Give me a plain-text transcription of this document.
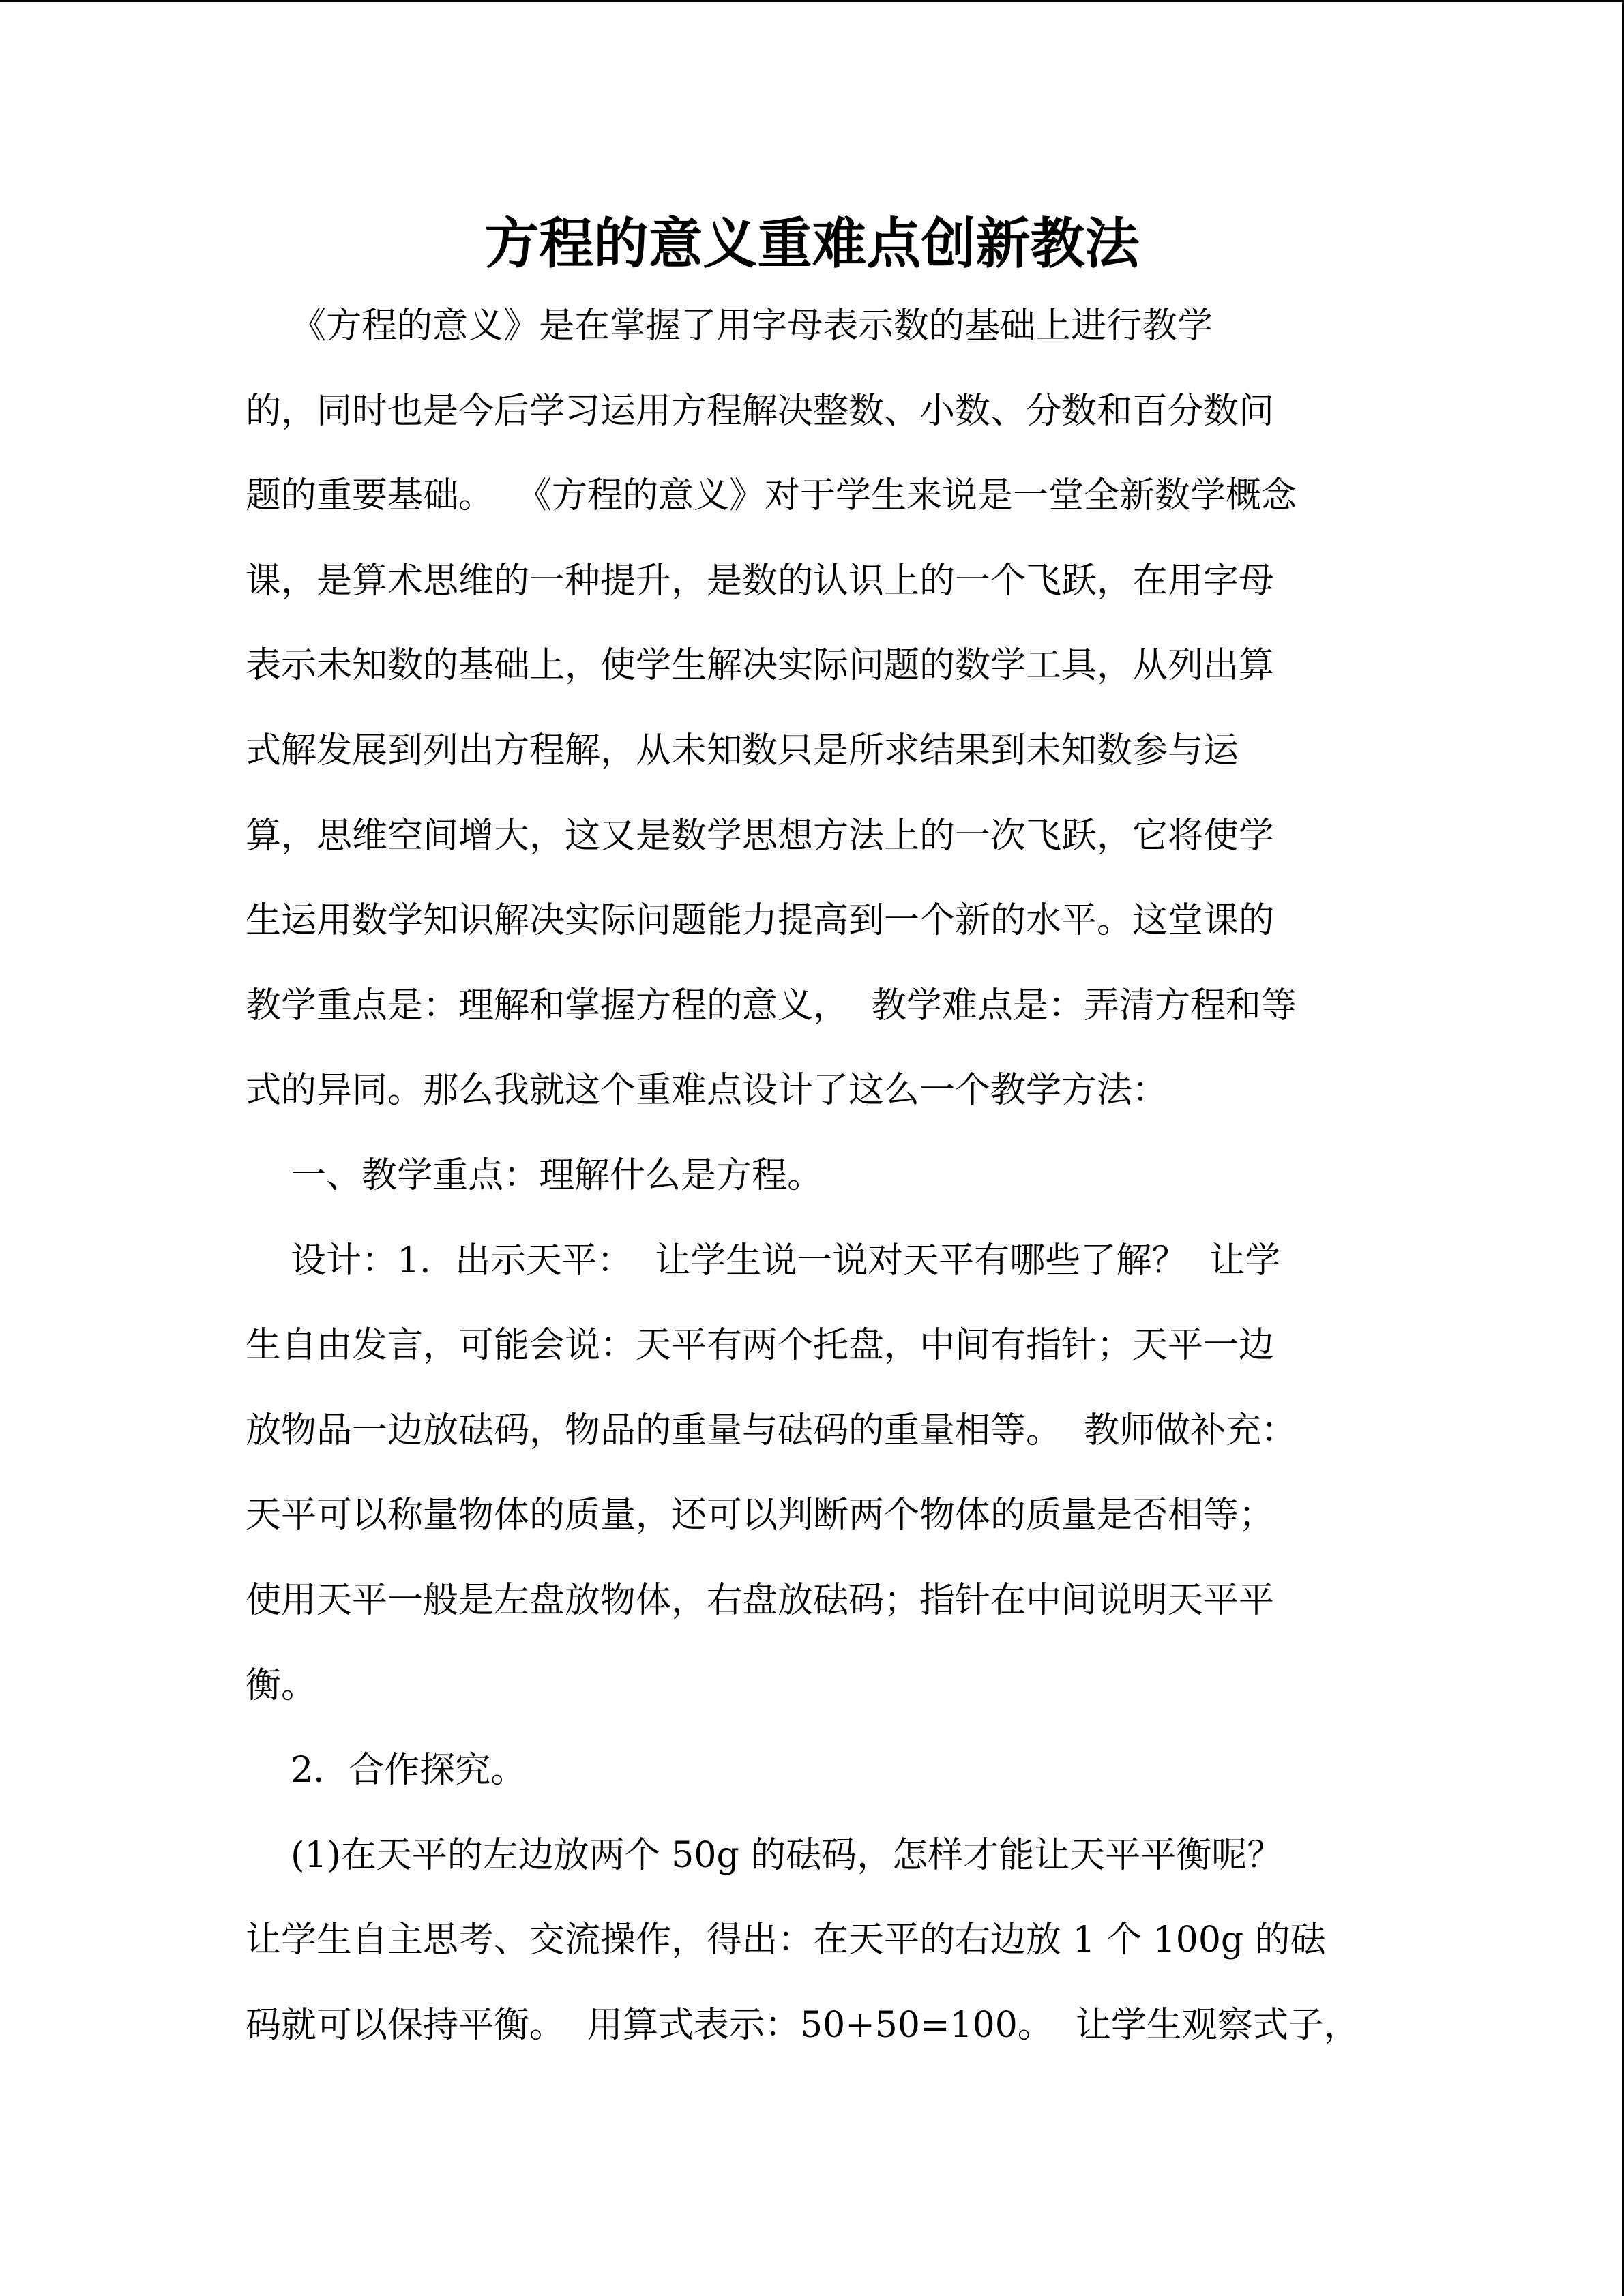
方程的意义重难点创新教法
《方程的意义》是在掌握了用字母表示数的基础上进行教学
的，同时也是今后学习运用方程解决整数、小数、分数和百分数问
题的重要基础。  《方程的意义》对于学生来说是一堂全新数学概念
课，是算术思维的一种提升，是数的认识上的一个飞跃，在用字母
表示未知数的基础上，使学生解决实际问题的数学工具，从列出算
式解发展到列出方程解，从未知数只是所求结果到未知数参与运
算，思维空间增大，这又是数学思想方法上的一次飞跃，它将使学
生运用数学知识解决实际问题能力提高到一个新的水平。这堂课的
教学重点是：理解和掌握方程的意义，  教学难点是：弄清方程和等
式的异同。那么我就这个重难点设计了这么一个教学方法：
一、教学重点：理解什么是方程。
设计：1．出示天平：  让学生说一说对天平有哪些了解？  让学
生自由发言，可能会说：天平有两个托盘，中间有指针；天平一边
放物品一边放砝码，物品的重量与砝码的重量相等。  教师做补充：
天平可以称量物体的质量，还可以判断两个物体的质量是否相等；
使用天平一般是左盘放物体，右盘放砝码；指针在中间说明天平平
衡。
2．合作探究。
(1)在天平的左边放两个 50g 的砝码，怎样才能让天平平衡呢？
让学生自主思考、交流操作，得出：在天平的右边放 1 个 100g 的砝
码就可以保持平衡。  用算式表示：50+50=100。  让学生观察式子，
